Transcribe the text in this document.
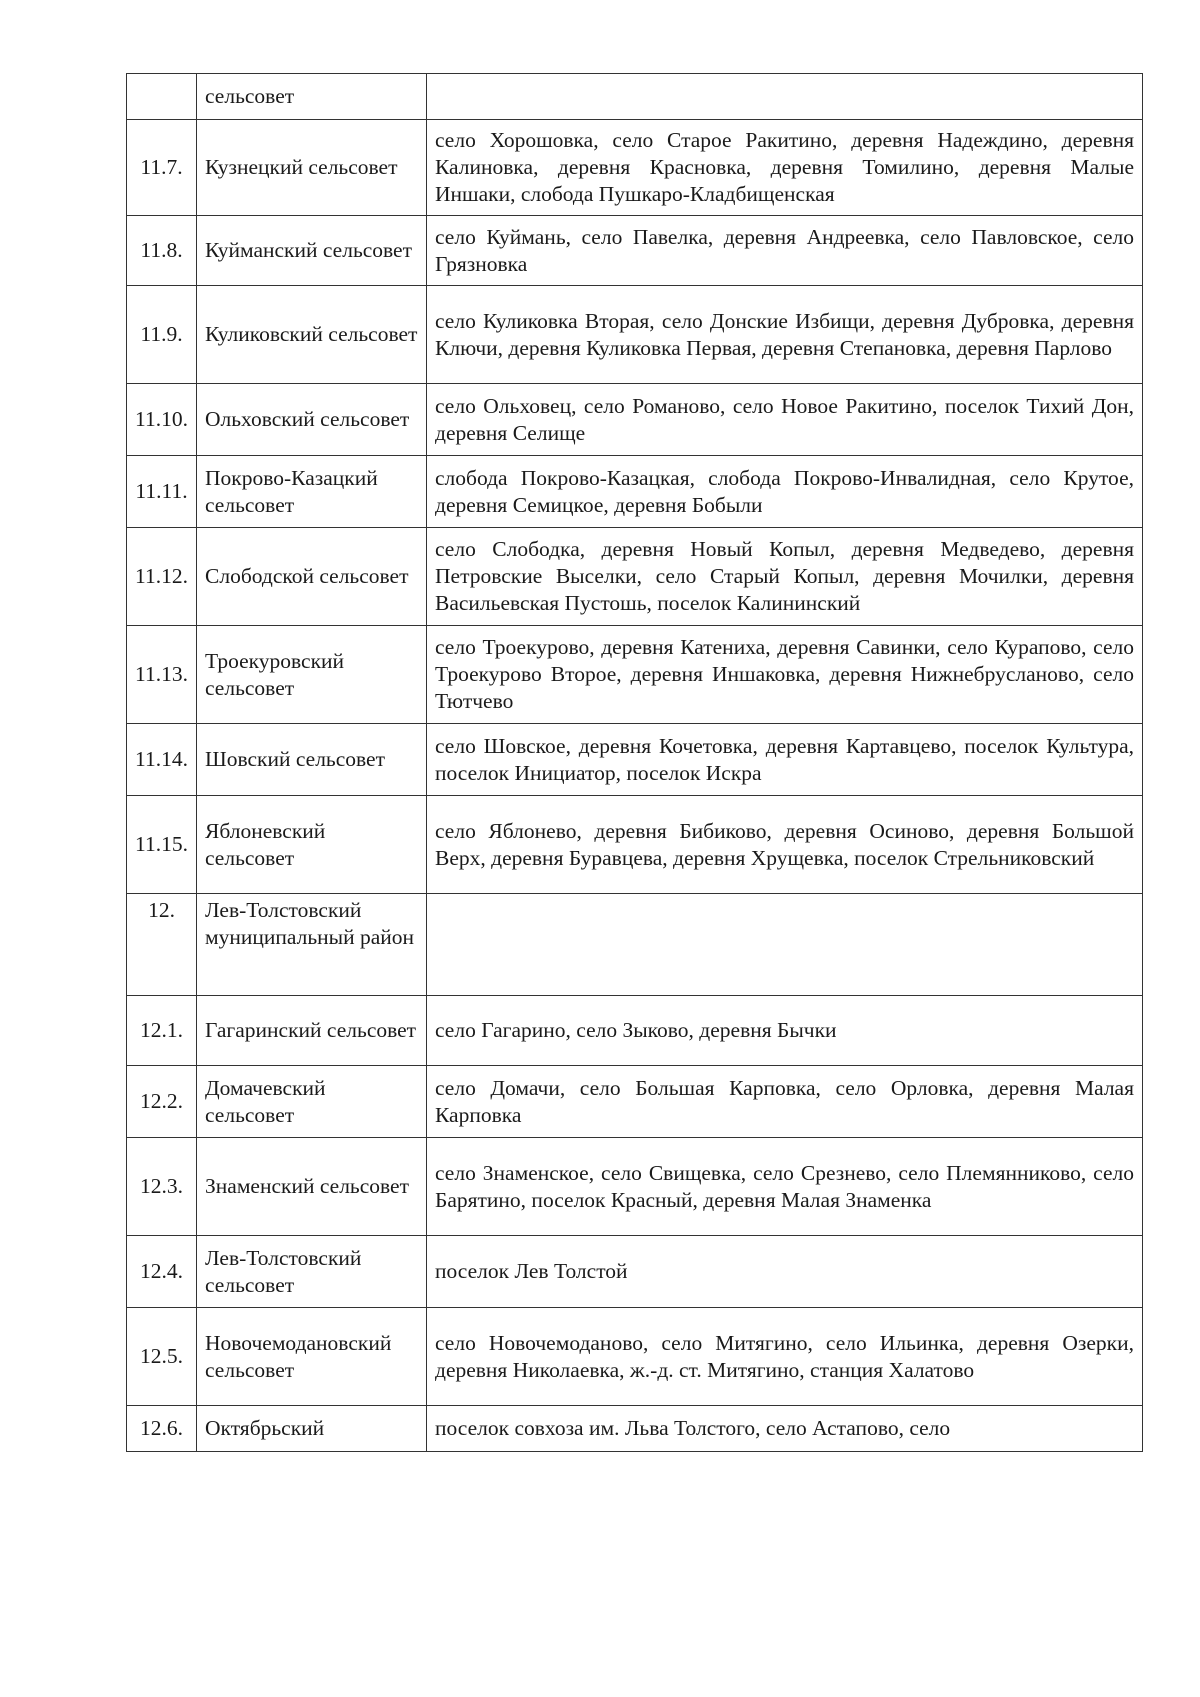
	сельсовет	
11.7.	Кузнецкий сельсовет	село Хорошовка, село Старое Ракитино, деревня Надеждино, деревня Калиновка, деревня Красновка, деревня Томилино, деревня Малые Иншаки, слобода Пушкаро-Кладбищенская
11.8.	Куйманский сельсовет	село Куймань, село Павелка, деревня Андреевка, село Павловское, село Грязновка
11.9.	Куликовский сельсовет	село Куликовка Вторая, село Донские Избищи, деревня Дубровка, деревня Ключи, деревня Куликовка Первая, деревня Степановка, деревня Парлово
11.10.	Ольховский сельсовет	село Ольховец, село Романово, село Новое Ракитино, поселок Тихий Дон, деревня Селище
11.11.	Покрово-Казацкий сельсовет	слобода Покрово-Казацкая, слобода Покрово-Инвалидная, село Крутое, деревня Семицкое, деревня Бобыли
11.12.	Слободской сельсовет	село Слободка, деревня Новый Копыл, деревня Медведево, деревня Петровские Выселки, село Старый Копыл, деревня Мочилки, деревня Васильевская Пустошь, поселок Калининский
11.13.	Троекуровский сельсовет	село Троекурово, деревня Катениха, деревня Савинки, село Курапово, село Троекурово Второе, деревня Иншаковка, деревня Нижнебруслановo, село Тютчево
11.14.	Шовский сельсовет	село Шовское, деревня Кочетовка, деревня Картавцево, поселок Культура, поселок Инициатор, поселок Искра
11.15.	Яблоневский сельсовет	село Яблонево, деревня Бибиково, деревня Осиново, деревня Большой Верх, деревня Буравцева, деревня Хрущевка, поселок Стрельниковский
12.	Лев-Толстовский муниципальный район	
12.1.	Гагаринский сельсовет	село Гагарино, село Зыково, деревня Бычки
12.2.	Домачевский сельсовет	село Домачи, село Большая Карповка, село Орловка, деревня Малая Карповка
12.3.	Знаменский сельсовет	село Знаменское, село Свищевка, село Срезнево, село Племянниково, село Барятино, поселок Красный, деревня Малая Знаменка
12.4.	Лев-Толстовский сельсовет	поселок Лев Толстой
12.5.	Новочемодановский сельсовет	село Новочемоданово, село Митягино, село Ильинка, деревня Озерки, деревня Николаевка, ж.-д. ст. Митягино, станция Халатово
12.6.	Октябрьский	поселок совхоза им. Льва Толстого, село Астапово, село
